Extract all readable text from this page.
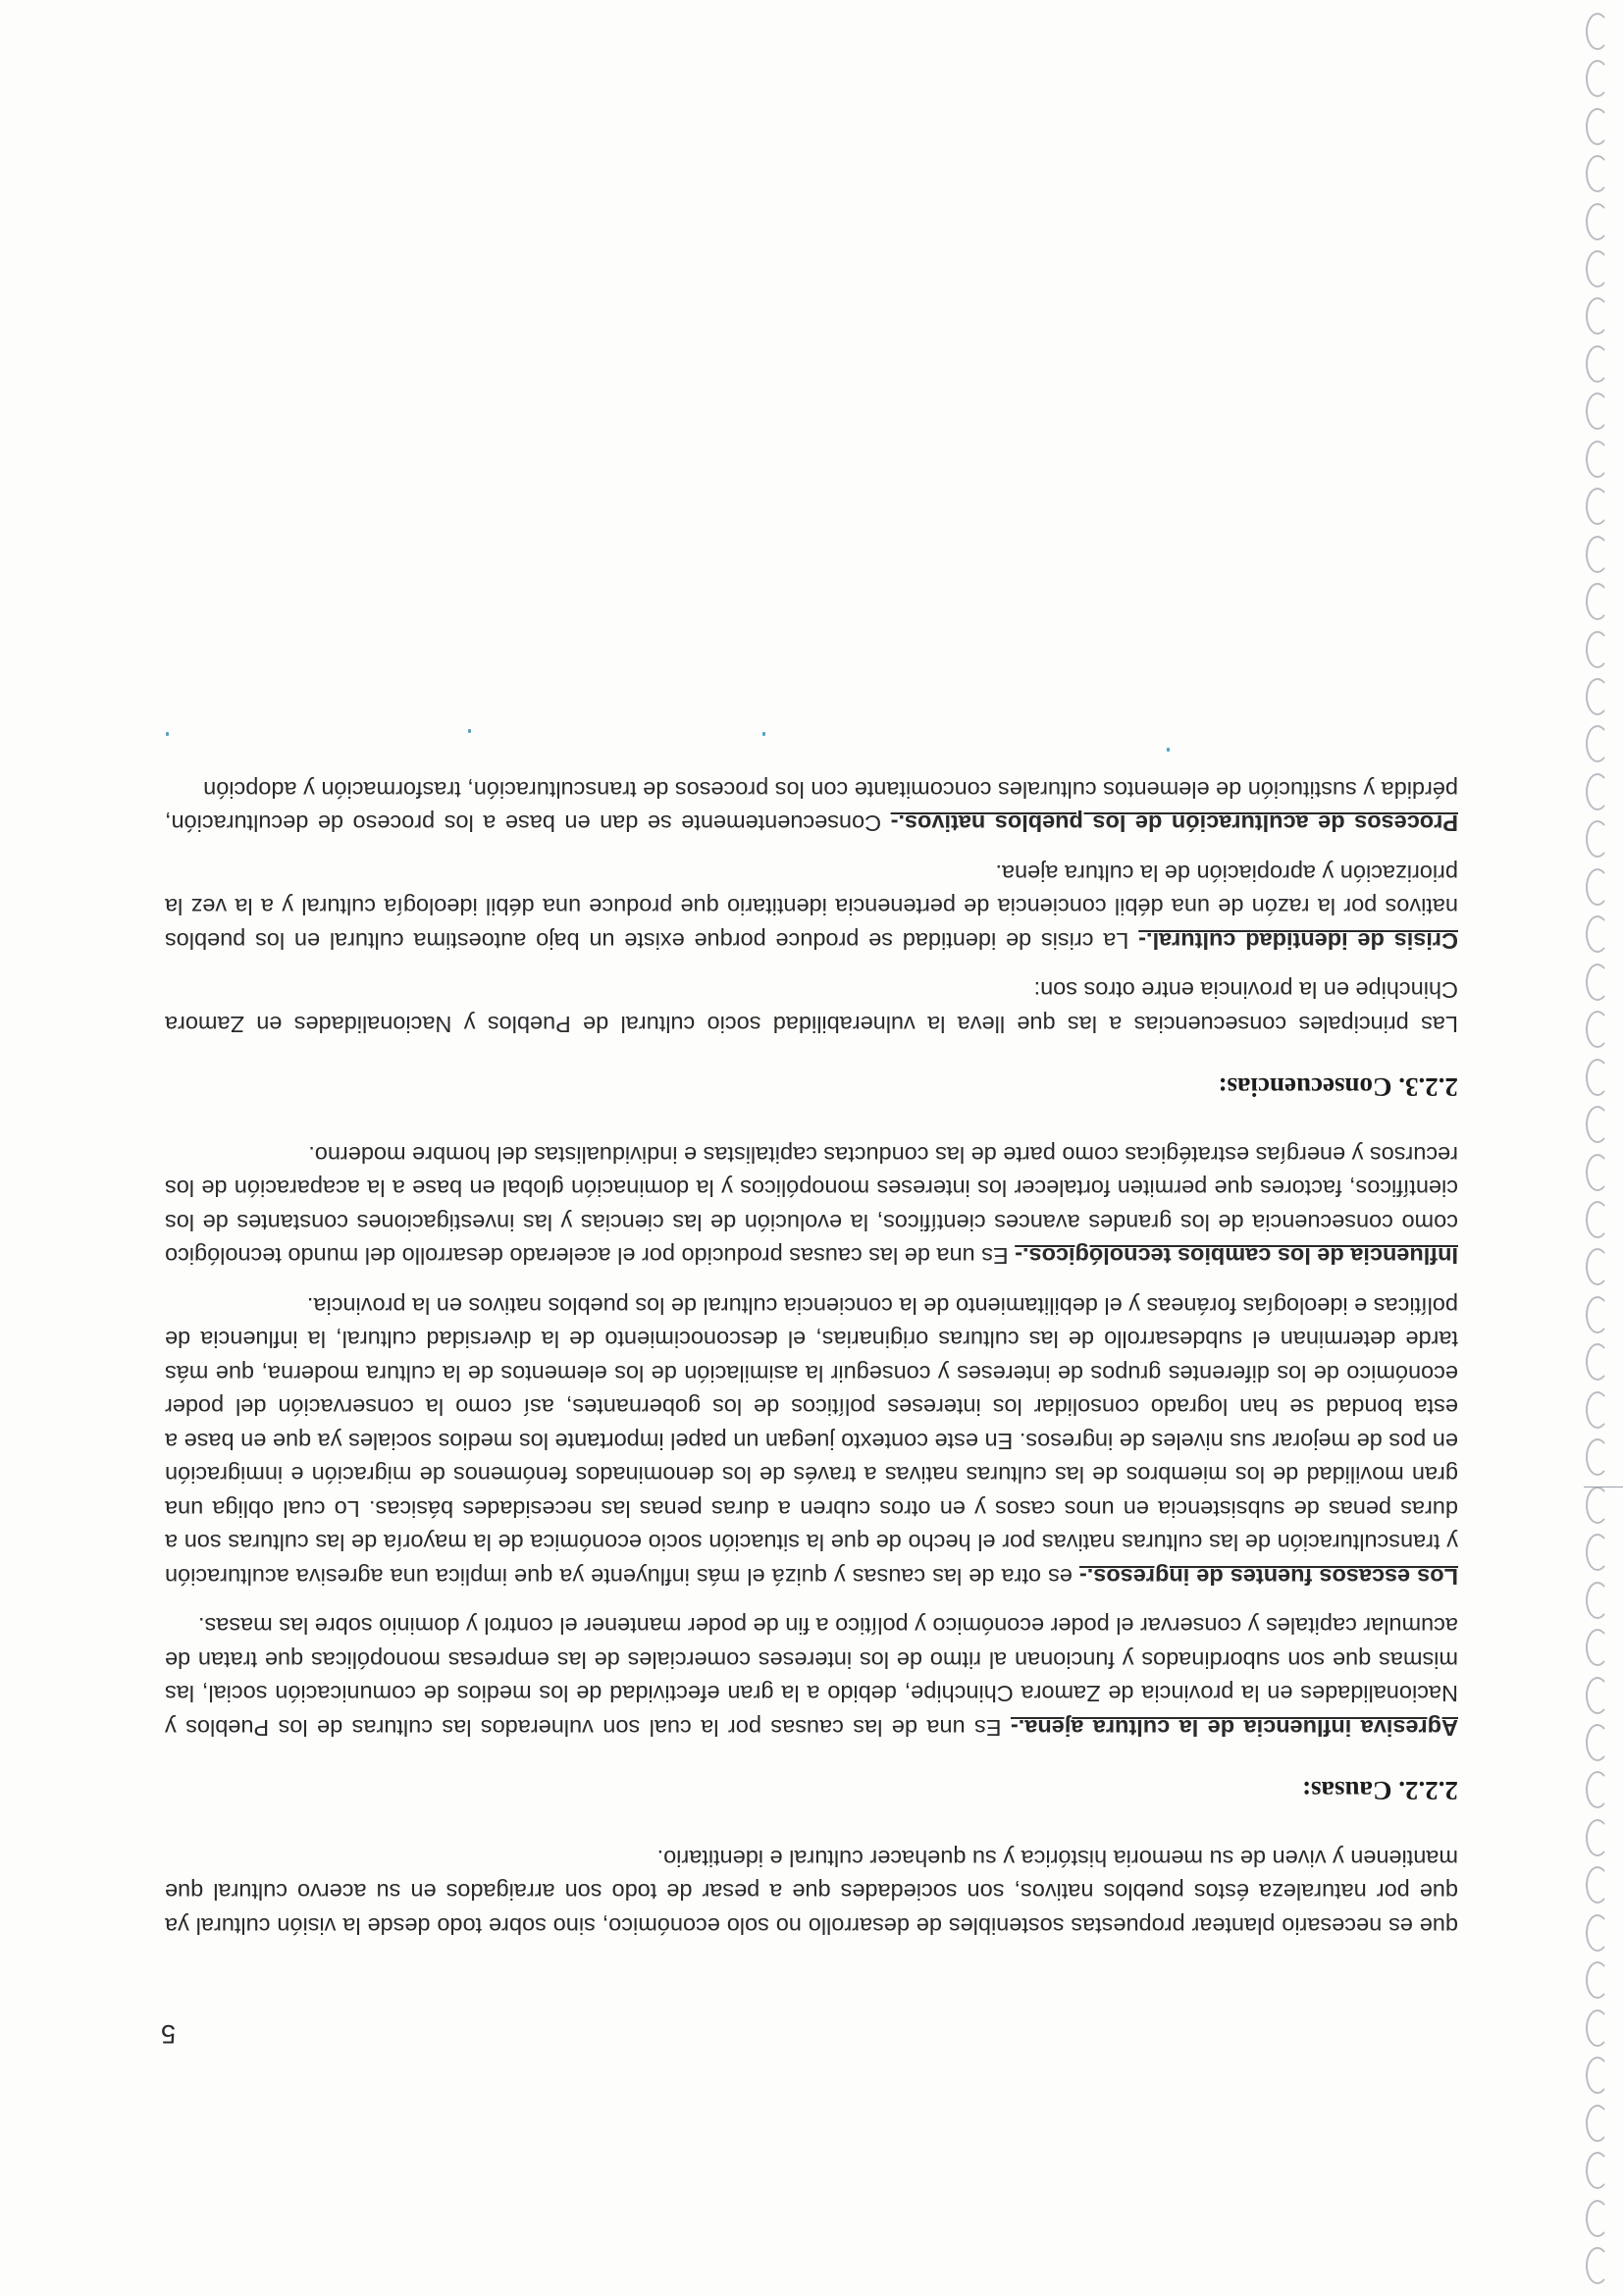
5

que es necesario plantear propuestas sostenibles de desarrollo no solo económico, sino sobre todo desde la visión cultural ya que por naturaleza éstos pueblos nativos, son sociedades que a pesar de todo son arraigados en su acervo cultural que mantienen y viven de su memoria histórica y su quehacer cultural e identitario.

2.2.2. Causas:

Agresiva influencia de la cultura ajena.- Es una de las causas por la cual son vulnerados las culturas de los Pueblos y Nacionalidades en la provincia de Zamora Chinchipe, debido a la gran efectividad de los medios de comunicación social, las mismas que son subordinados y funcionan al ritmo de los intereses comerciales de las empresas monopólicas que tratan de acumular capitales y conservar el poder económico y político a fin de poder mantener el control y dominio sobre las masas.

Los escasos fuentes de ingresos.- es otra de las causas y quizá el más influyente ya que implica una agresiva aculturación y transculturación de las culturas nativas por el hecho de que la situación socio económica de la mayoría de las culturas son a duras penas de subsistencia en unos casos y en otros cubren a duras penas las necesidades básicas. Lo cual obliga una gran movilidad de los miembros de las culturas nativas a través de los denominados fenómenos de migración e inmigración en pos de mejorar sus niveles de ingresos. En este contexto juegan un papel importante los medios sociales ya que en base a esta bondad se han logrado consolidar los intereses políticos de los gobernantes, así como la conservación del poder económico de los diferentes grupos de intereses y conseguir la asimilación de los elementos de la cultura moderna, que más tarde determinan el subdesarrollo de las culturas originarias, el desconocimiento de la diversidad cultural, la influencia de políticas e ideologías foráneas y el debilitamiento de la conciencia cultural de los pueblos nativos en la provincia.

Influencia de los cambios tecnológicos.- Es una de las causas producido por el acelerado desarrollo del mundo tecnológico como consecuencia de los grandes avances científicos, la evolución de las ciencias y las investigaciones constantes de los científicos, factores que permiten fortalecer los intereses monopólicos y la dominación global en base a la acaparación de los recursos y energías estratégicas como parte de las conductas capitalistas e individualistas del hombre moderno.

2.2.3. Consecuencias:

Las principales consecuencias a las que lleva la vulnerabilidad socio cultural de Pueblos y Nacionalidades en Zamora Chinchipe en la provincia entre otros son:

Crisis de identidad cultural.- La crisis de identidad se produce porque existe un bajo autoestima cultural en los pueblos nativos por la razón de una débil conciencia de pertenencia identitario que produce una débil ideología cultural y a la vez la priorización y apropiación de la cultura ajena.

Procesos de aculturación de los pueblos nativos.- Consecuentemente se dan en base a los proceso de deculturación, pérdida y sustitución de elementos culturales concomitante con los procesos de transculturación, trasformación y adopción
